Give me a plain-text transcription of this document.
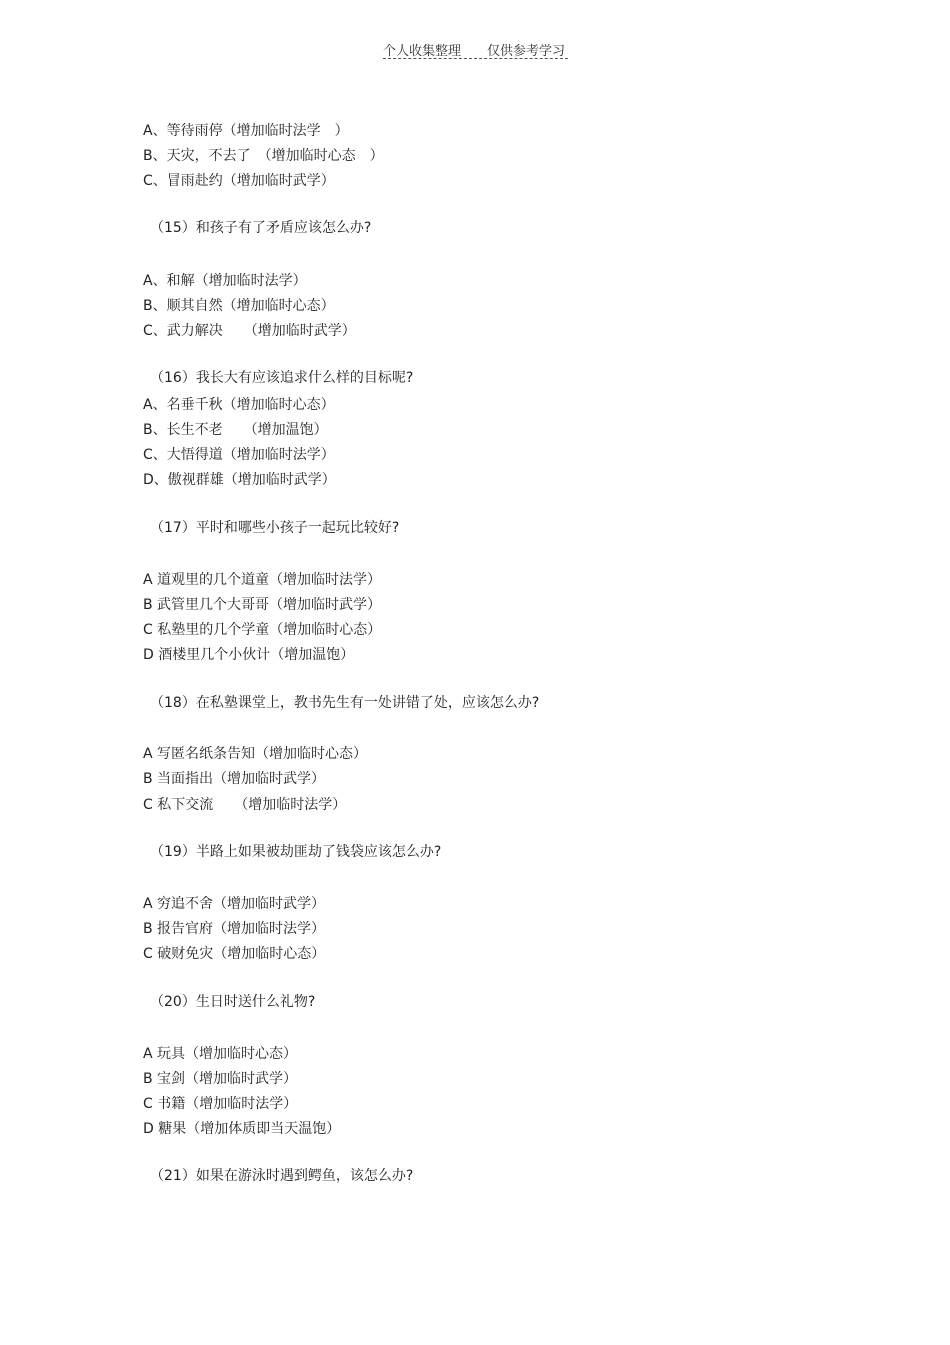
个人收集整理　　仅供参考学习
A、等待雨停（增加临时法学　）
B、天灾，不去了　（增加临时心态　）
C、冒雨赴约（增加临时武学）
（15）和孩子有了矛盾应该怎么办?
A、和解（增加临时法学）
B、顺其自然（增加临时心态）
C、武力解决　　（增加临时武学）
（16）我长大有应该追求什么样的目标呢?
A、名垂千秋（增加临时心态）
B、长生不老　　（增加温饱）
C、大悟得道（增加临时法学）
D、傲视群雄（增加临时武学）
（17）平时和哪些小孩子一起玩比较好?
A 道观里的几个道童（增加临时法学）
B 武管里几个大哥哥（增加临时武学）
C 私塾里的几个学童（增加临时心态）
D 酒楼里几个小伙计（增加温饱）
（18）在私塾课堂上，教书先生有一处讲错了处，应该怎么办?
A 写匿名纸条告知（增加临时心态）
B 当面指出（增加临时武学）
C 私下交流　　（增加临时法学）
（19）半路上如果被劫匪劫了钱袋应该怎么办?
A 穷追不舍（增加临时武学）
B 报告官府（增加临时法学）
C 破财免灾（增加临时心态）
（20）生日时送什么礼物?
A 玩具（增加临时心态）
B 宝剑（增加临时武学）
C 书籍（增加临时法学）
D 糖果（增加体质即当天温饱）
（21）如果在游泳时遇到鳄鱼，该怎么办?
